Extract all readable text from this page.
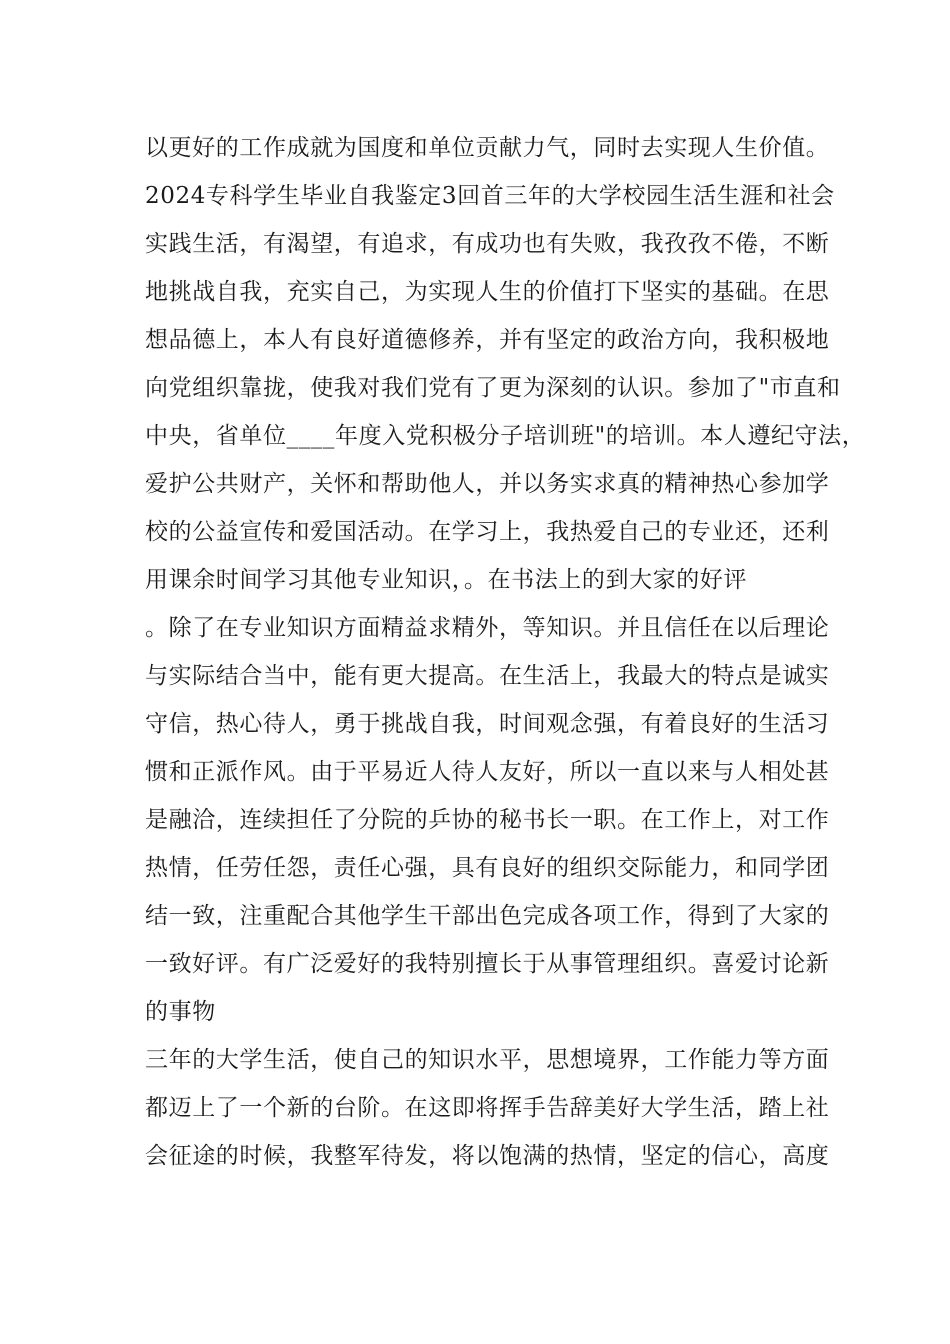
以更好的工作成就为国度和单位贡献力气，同时去实现人生价值。
2024专科学生毕业自我鉴定3回首三年的大学校园生活生涯和社会
实践生活，有渴望，有追求，有成功也有失败，我孜孜不倦，不断
地挑战自我，充实自己，为实现人生的价值打下坚实的基础。在思
想品德上，本人有良好道德修养，并有坚定的政治方向，我积极地
向党组织靠拢，使我对我们党有了更为深刻的认识。参加了"市直和
中央，省单位____年度入党积极分子培训班"的培训。本人遵纪守法，
爱护公共财产，关怀和帮助他人，并以务实求真的精神热心参加学
校的公益宣传和爱国活动。在学习上，我热爱自己的专业还，还利
用课余时间学习其他专业知识，。在书法上的到大家的好评
。除了在专业知识方面精益求精外，等知识。并且信任在以后理论
与实际结合当中，能有更大提高。在生活上，我最大的特点是诚实
守信，热心待人，勇于挑战自我，时间观念强，有着良好的生活习
惯和正派作风。由于平易近人待人友好，所以一直以来与人相处甚
是融洽，连续担任了分院的乒协的秘书长一职。在工作上，对工作
热情，任劳任怨，责任心强，具有良好的组织交际能力，和同学团
结一致，注重配合其他学生干部出色完成各项工作，得到了大家的
一致好评。有广泛爱好的我特别擅长于从事管理组织。喜爱讨论新
的事物
三年的大学生活，使自己的知识水平，思想境界，工作能力等方面
都迈上了一个新的台阶。在这即将挥手告辞美好大学生活，踏上社
会征途的时候，我整军待发，将以饱满的热情，坚定的信心，高度
